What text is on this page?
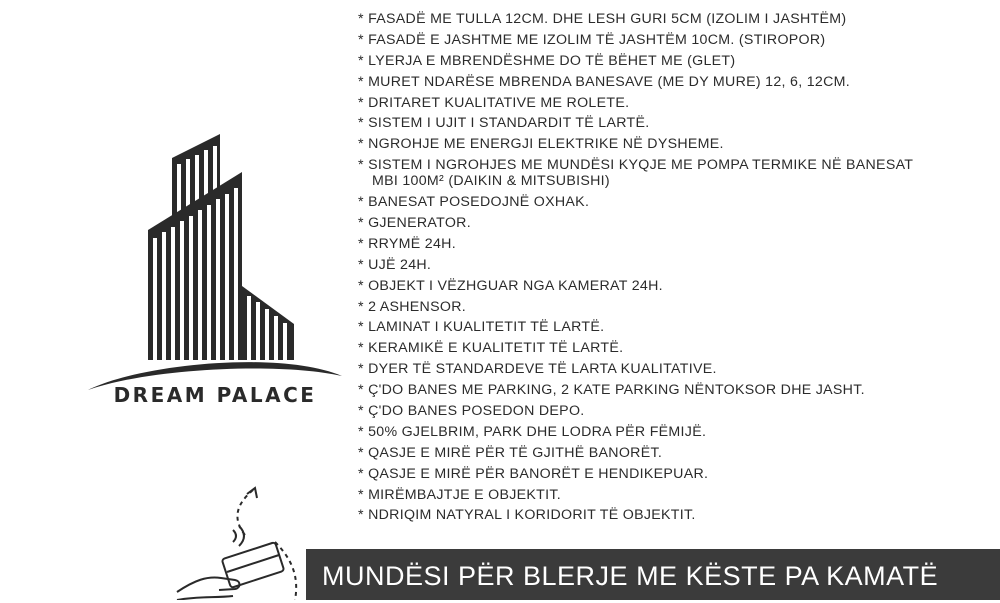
DREAM PALACE
* FASADË ME TULLA 12CM. DHE LESH GURI 5CM (IZOLIM I JASHTËM)
* FASADË E JASHTME ME IZOLIM TË JASHTËM 10CM. (STIROPOR)
* LYERJA E MBRENDËSHME DO TË BËHET ME (GLET)
* MURET NDARËSE MBRENDA BANESAVE (ME DY MURE) 12, 6, 12CM.
* DRITARET KUALITATIVE ME ROLETE.
* SISTEM I UJIT I STANDARDIT TË LARTË.
* NGROHJE ME ENERGJI ELEKTRIKE NË DYSHEME.
* SISTEM I NGROHJES ME MUNDËSI KYQJE ME POMPA TERMIKE NË BANESAT
MBI 100M² (DAIKIN & MITSUBISHI)
* BANESAT POSEDOJNË OXHAK.
* GJENERATOR.
* RRYMË 24H.
* UJË 24H.
* OBJEKT I VËZHGUAR NGA KAMERAT 24H.
* 2 ASHENSOR.
* LAMINAT I KUALITETIT TË LARTË.
* KERAMIKË E KUALITETIT TË LARTË.
* DYER TË STANDARDEVE TË LARTA KUALITATIVE.
* Ç'DO BANES ME PARKING, 2 KATE PARKING NËNTOKSOR DHE JASHT.
* Ç'DO BANES POSEDON DEPO.
* 50% GJELBRIM, PARK DHE LODRA PËR FËMIJË.
* QASJE E MIRË PËR TË GJITHË BANORËT.
* QASJE E MIRË PËR BANORËT E HENDIKEPUAR.
* MIRËMBAJTJE E OBJEKTIT.
* NDRIQIM NATYRAL I KORIDORIT TË OBJEKTIT.
MUNDËSI PËR BLERJE ME KËSTE PA KAMATË
